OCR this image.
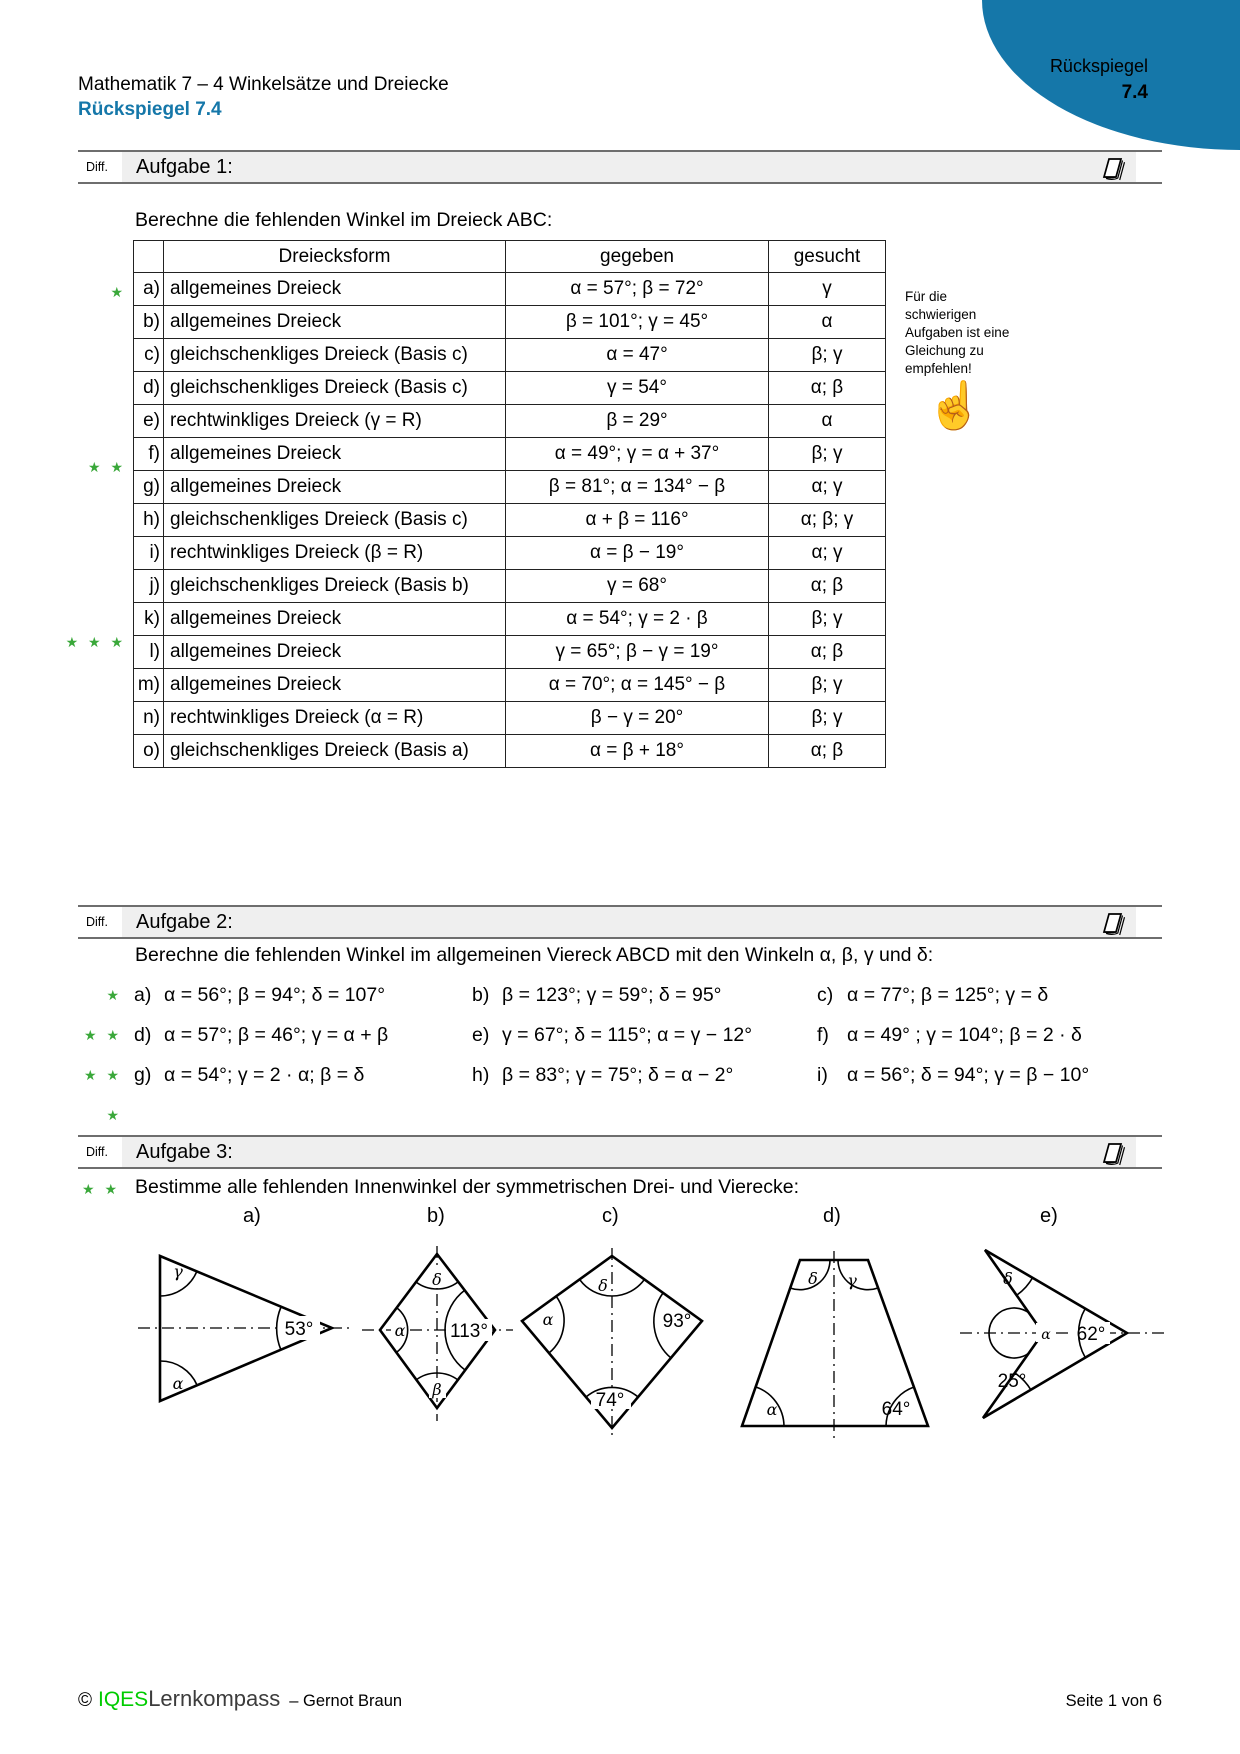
Mathematik 7 – 4 Winkelsätze und Dreiecke
Rückspiegel 7.4
Rückspiegel
7.4
Diff. Aufgabe 1:
Berechne die fehlenden Winkel im Dreieck ABC:
	Dreiecksform	gegeben	gesucht
a)	allgemeines Dreieck	α = 57°; β = 72°	γ
b)	allgemeines Dreieck	β = 101°; γ = 45°	α
c)	gleichschenkliges Dreieck (Basis c)	α = 47°	β; γ
d)	gleichschenkliges Dreieck (Basis c)	γ = 54°	α; β
e)	rechtwinkliges Dreieck (γ = R)	β = 29°	α
f)	allgemeines Dreieck	α = 49°; γ = α + 37°	β; γ
g)	allgemeines Dreieck	β = 81°; α = 134° − β	α; γ
h)	gleichschenkliges Dreieck (Basis c)	α + β = 116°	α; β; γ
i)	rechtwinkliges Dreieck (β = R)	α = β − 19°	α; γ
j)	gleichschenkliges Dreieck (Basis b)	γ = 68°	α; β
k)	allgemeines Dreieck	α = 54°; γ = 2 · β	β; γ
l)	allgemeines Dreieck	γ = 65°; β − γ = 19°	α; β
m)	allgemeines Dreieck	α = 70°; α = 145° − β	β; γ
n)	rechtwinkliges Dreieck (α = R)	β − γ = 20°	β; γ
o)	gleichschenkliges Dreieck (Basis a)	α = β + 18°	α; β
★
★ ★
★ ★ ★
Für die schwierigen Aufgaben ist eine Gleichung zu empfehlen!
☝
Diff. Aufgabe 2:
Berechne die fehlenden Winkel im allgemeinen Viereck ABCD mit den Winkeln α, β, γ und δ:
★ a) α = 56°; β = 94°; δ = 107°	b) β = 123°; γ = 59°; δ = 95°	c) α = 77°; β = 125°; γ = δ
★ ★ d) α = 57°; β = 46°; γ = α + β	e) γ = 67°; δ = 115°; α = γ − 12°	f) α = 49° ; γ = 104°; β = 2 · δ
★ ★ ★
g) α = 54°; γ = 2 · α; β = δ	h) β = 83°; γ = 75°; δ = α − 2°	i) α = 56°; δ = 94°; γ = β − 10°
Diff. Aufgabe 3:
★ ★ Bestimme alle fehlenden Innenwinkel der symmetrischen Drei- und Vierecke:
a)	b)	c)	d)	e)
γ
α
53°
δ
α
β
113°
δ
α	93°
74°
δ γ
α	64°
δ
α
25°
62°
© IQES Lernkompass – Gernot Braun	Seite 1 von 6
